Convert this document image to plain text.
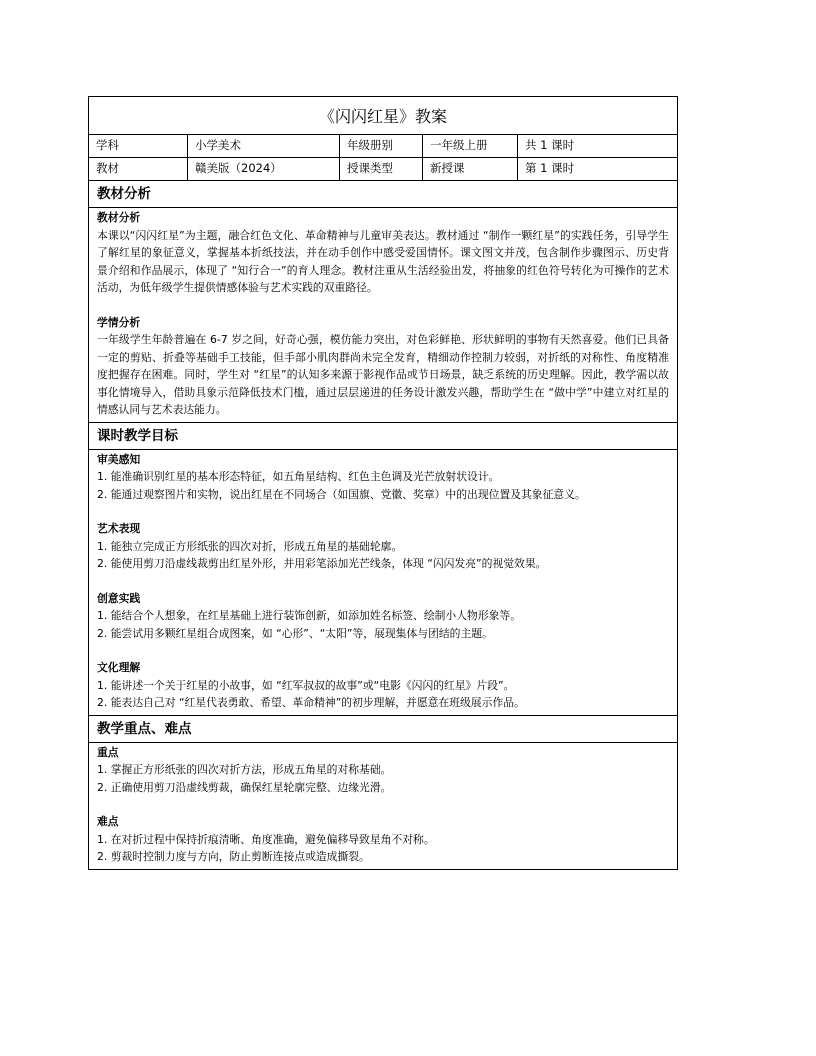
《闪闪红星》教案
学科	小学美术	年级册别	一年级上册	共 1 课时
教材	赣美版（2024）	授课类型	新授课	第 1 课时
教材分析
教材分析
本课以“闪闪红星”为主题，融合红色文化、革命精神与儿童审美表达。教材通过 “制作一颗红星”的实践任务，引导学生了解红星的象征意义，掌握基本折纸技法，并在动手创作中感受爱国情怀。课文图文并茂，包含制作步骤图示、历史背景介绍和作品展示，体现了 “知行合一”的育人理念。教材注重从生活经验出发，将抽象的红色符号转化为可操作的艺术活动，为低年级学生提供情感体验与艺术实践的双重路径。
学情分析
一年级学生年龄普遍在 6-7 岁之间，好奇心强，模仿能力突出，对色彩鲜艳、形状鲜明的事物有天然喜爱。他们已具备一定的剪贴、折叠等基础手工技能，但手部小肌肉群尚未完全发育，精细动作控制力较弱，对折纸的对称性、角度精准度把握存在困难。同时，学生对 “红星”的认知多来源于影视作品或节日场景，缺乏系统的历史理解。因此，教学需以故事化情境导入，借助具象示范降低技术门槛，通过层层递进的任务设计激发兴趣，帮助学生在 “做中学”中建立对红星的情感认同与艺术表达能力。
课时教学目标
审美感知
1. 能准确识别红星的基本形态特征，如五角星结构、红色主色调及光芒放射状设计。
2. 能通过观察图片和实物，说出红星在不同场合（如国旗、党徽、奖章）中的出现位置及其象征意义。
艺术表现
1. 能独立完成正方形纸张的四次对折，形成五角星的基础轮廓。
2. 能使用剪刀沿虚线裁剪出红星外形，并用彩笔添加光芒线条，体现 “闪闪发亮”的视觉效果。
创意实践
1. 能结合个人想象，在红星基础上进行装饰创新，如添加姓名标签、绘制小人物形象等。
2. 能尝试用多颗红星组合成图案，如 “心形”、“太阳”等，展现集体与团结的主题。
文化理解
1. 能讲述一个关于红星的小故事，如 “红军叔叔的故事”或“电影《闪闪的红星》片段”。
2. 能表达自己对 “红星代表勇敢、希望、革命精神”的初步理解，并愿意在班级展示作品。
教学重点、难点
重点
1. 掌握正方形纸张的四次对折方法，形成五角星的对称基础。
2. 正确使用剪刀沿虚线剪裁，确保红星轮廓完整、边缘光滑。
难点
1. 在对折过程中保持折痕清晰、角度准确，避免偏移导致星角不对称。
2. 剪裁时控制力度与方向，防止剪断连接点或造成撕裂。
